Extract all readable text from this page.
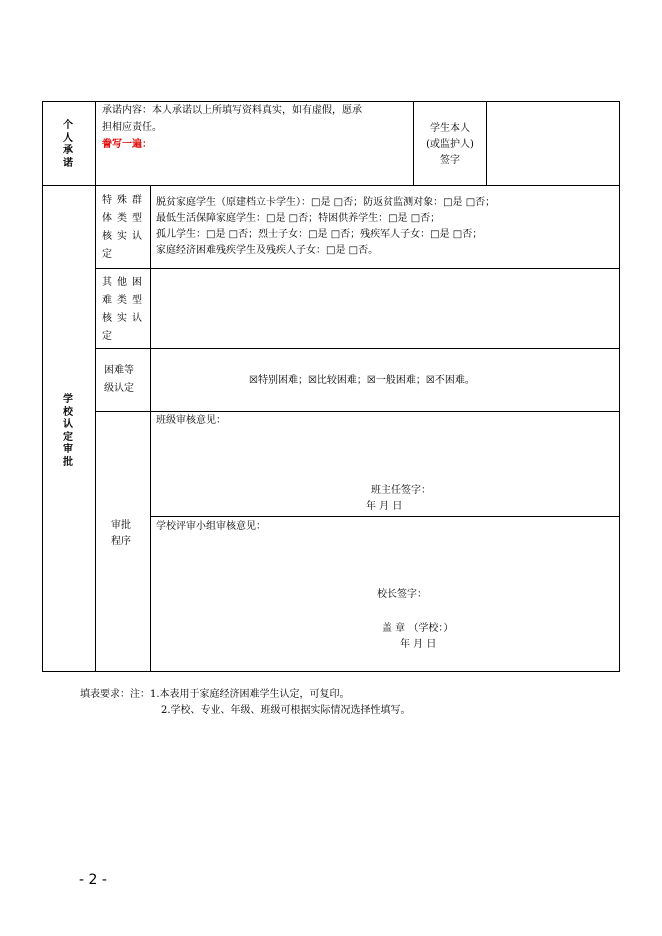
个人承诺
承诺内容：本人承诺以上所填写资料真实，如有虚假，愿承
担相应责任。
誊写一遍：
学生本人
(或监护人)
签字
学校认定审批
特殊群
体类型
核实认
定
脱贫家庭学生（原建档立卡学生）：□是 □否；防返贫监测对象：□是 □否；
最低生活保障家庭学生：□是 □否；特困供养学生：□是 □否；
孤儿学生：□是 □否；烈士子女：□是 □否；残疾军人子女：□是 □否；
家庭经济困难残疾学生及残疾人子女：□是 □否。
其他困
难类型
核实认
定
困难等
级认定
☒特别困难；☒比较困难；☒一般困难；☒不困难。
审批
程序
班级审核意见：
班主任签字：
年 月 日
学校评审小组审核意见：
校长签字：
盖 章 （学校：）
年 月 日
填表要求：注：1.本表用于家庭经济困难学生认定，可复印。
2.学校、专业、年级、班级可根据实际情况选择性填写。
- 2 -
